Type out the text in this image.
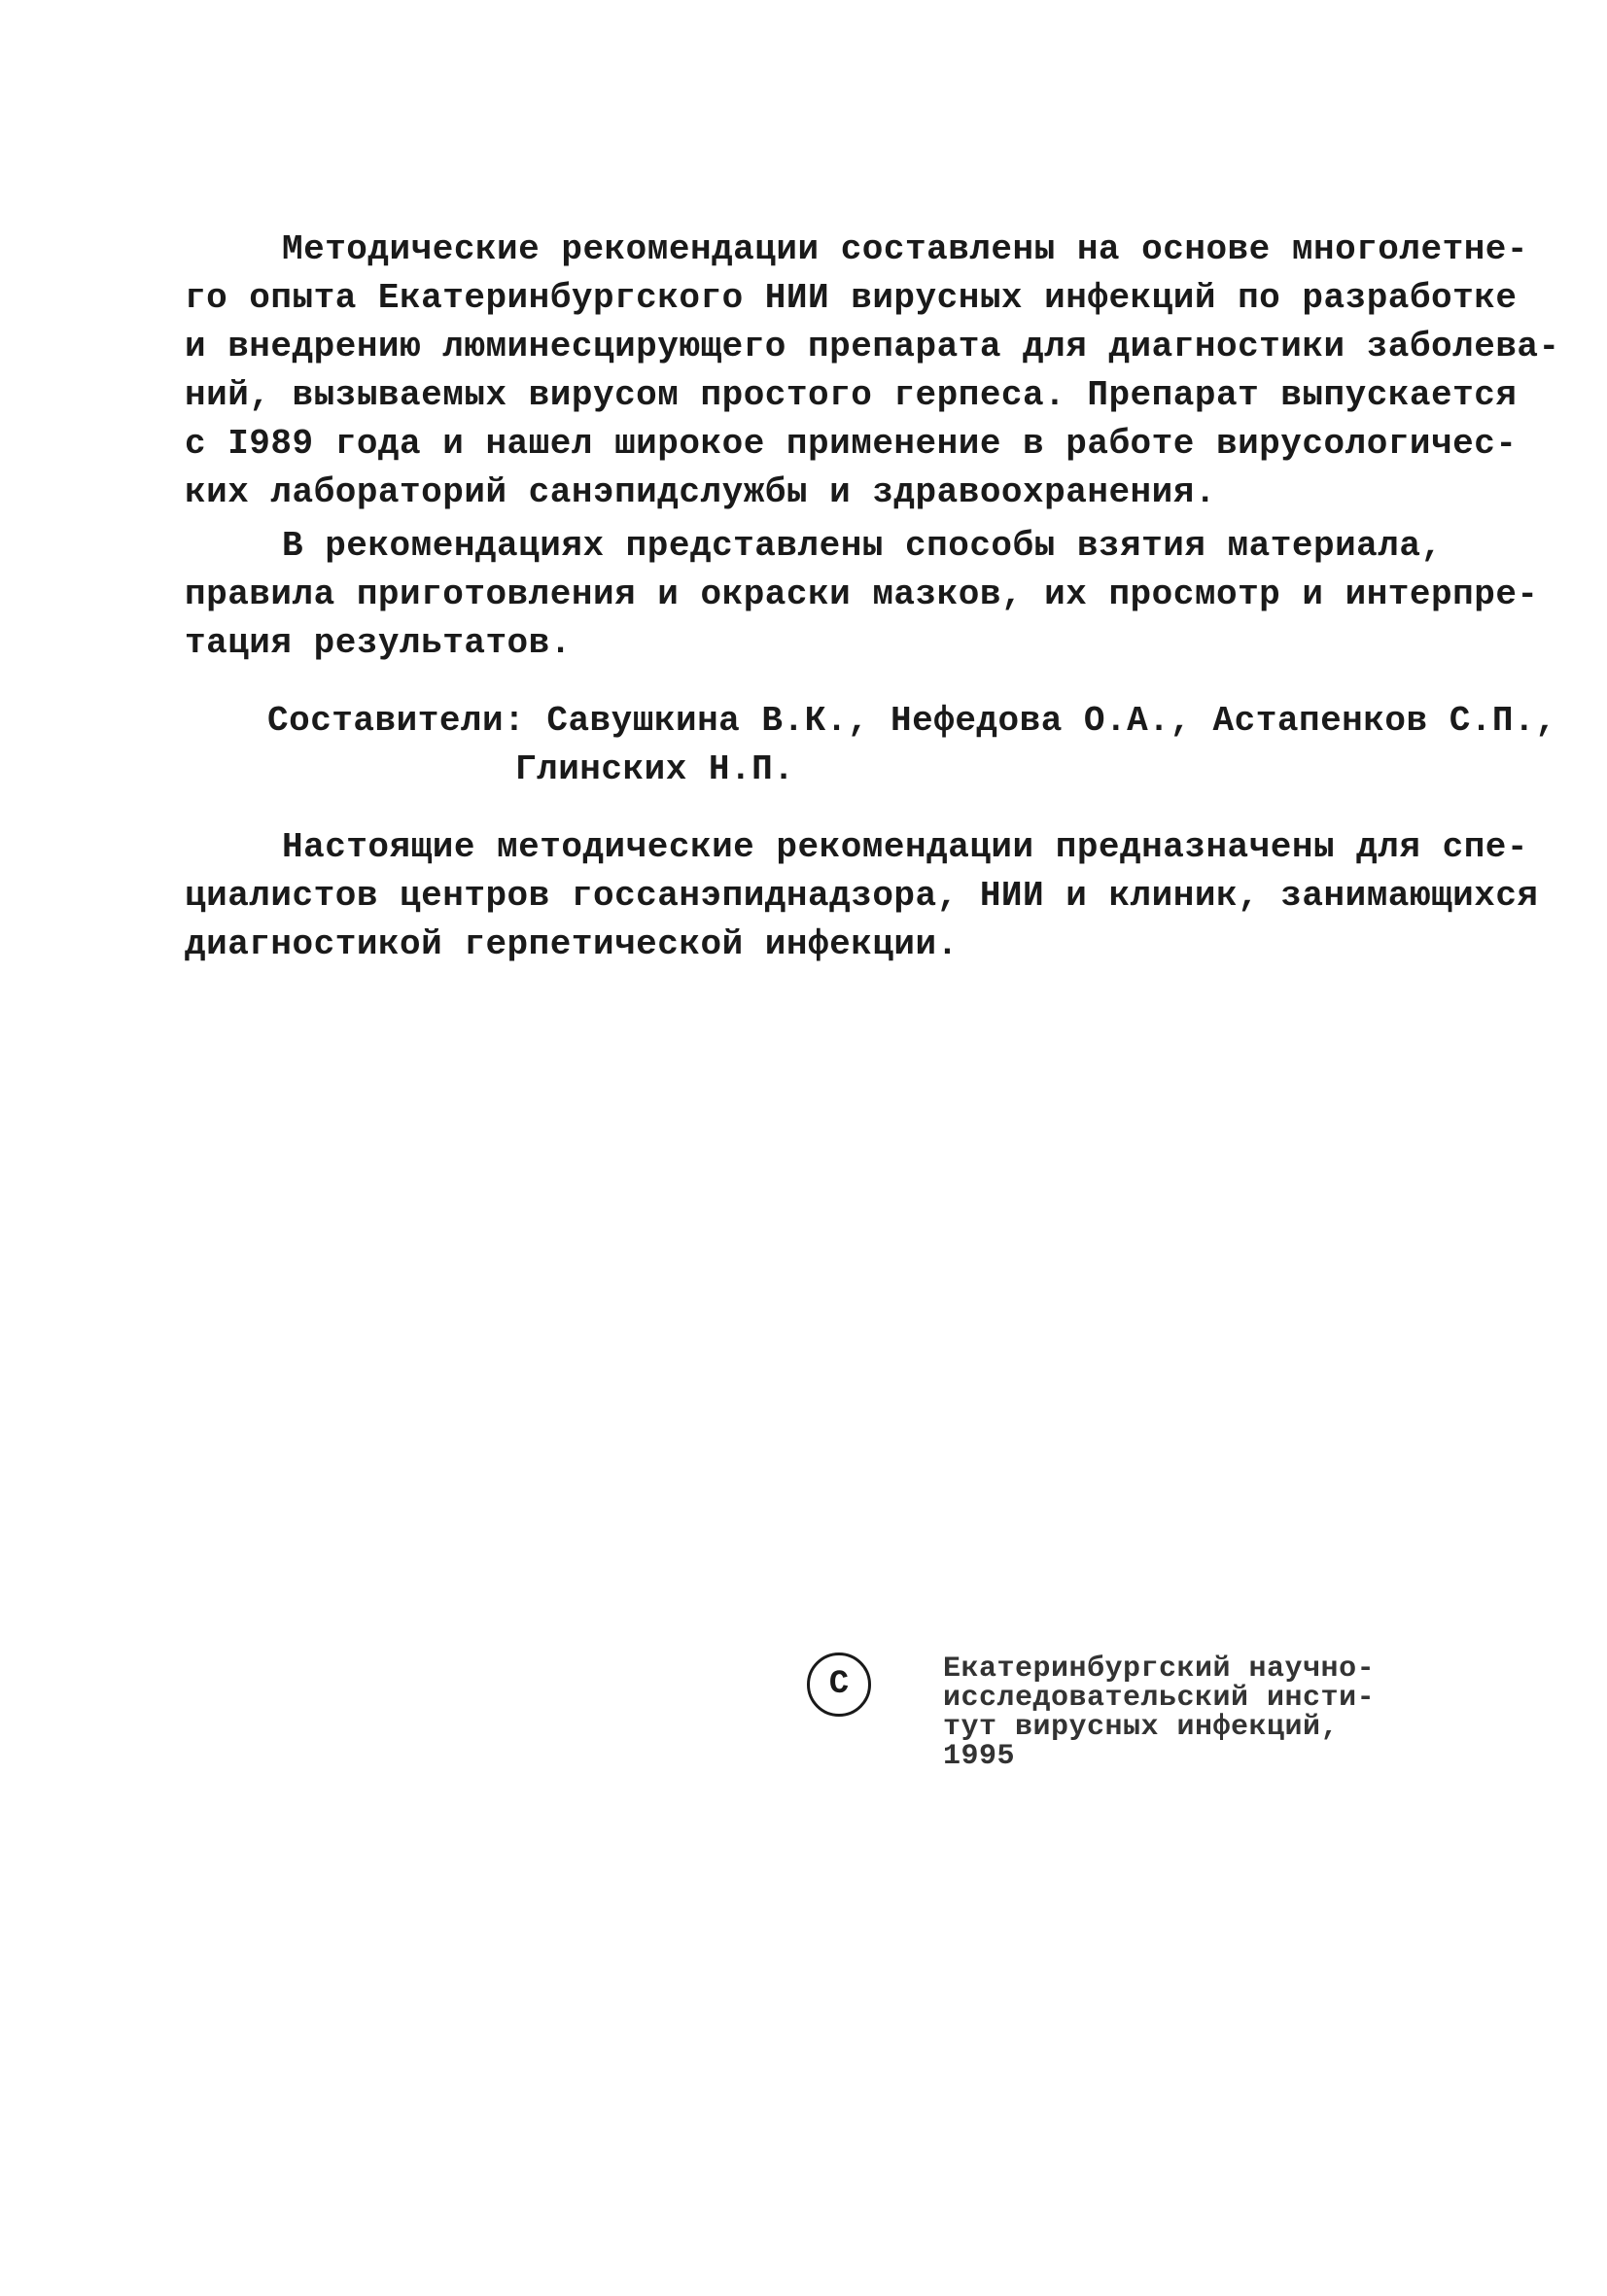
Методические рекомендации составлены на основе многолетне-
го опыта Екатеринбургского НИИ вирусных инфекций по разработке
и внедрению люминесцирующего препарата для диагностики заболева-
ний, вызываемых вирусом простого герпеса. Препарат выпускается
с I989 года и нашел широкое применение в работе вирусологичес-
ких лабораторий санэпидслужбы и здравоохранения.
В рекомендациях представлены способы взятия материала,
правила приготовления и окраски мазков, их просмотр и интерпре-
тация результатов.
Составители: Савушкина В.К., Нефедова О.А., Астапенков С.П.,
Глинских Н.П.
Настоящие методические рекомендации предназначены для спе-
циалистов центров госсанэпиднадзора, НИИ и клиник, занимающихся
диагностикой герпетической инфекции.
C	Екатеринбургский научно-
исследовательский инсти-
тут вирусных инфекций,
1995
